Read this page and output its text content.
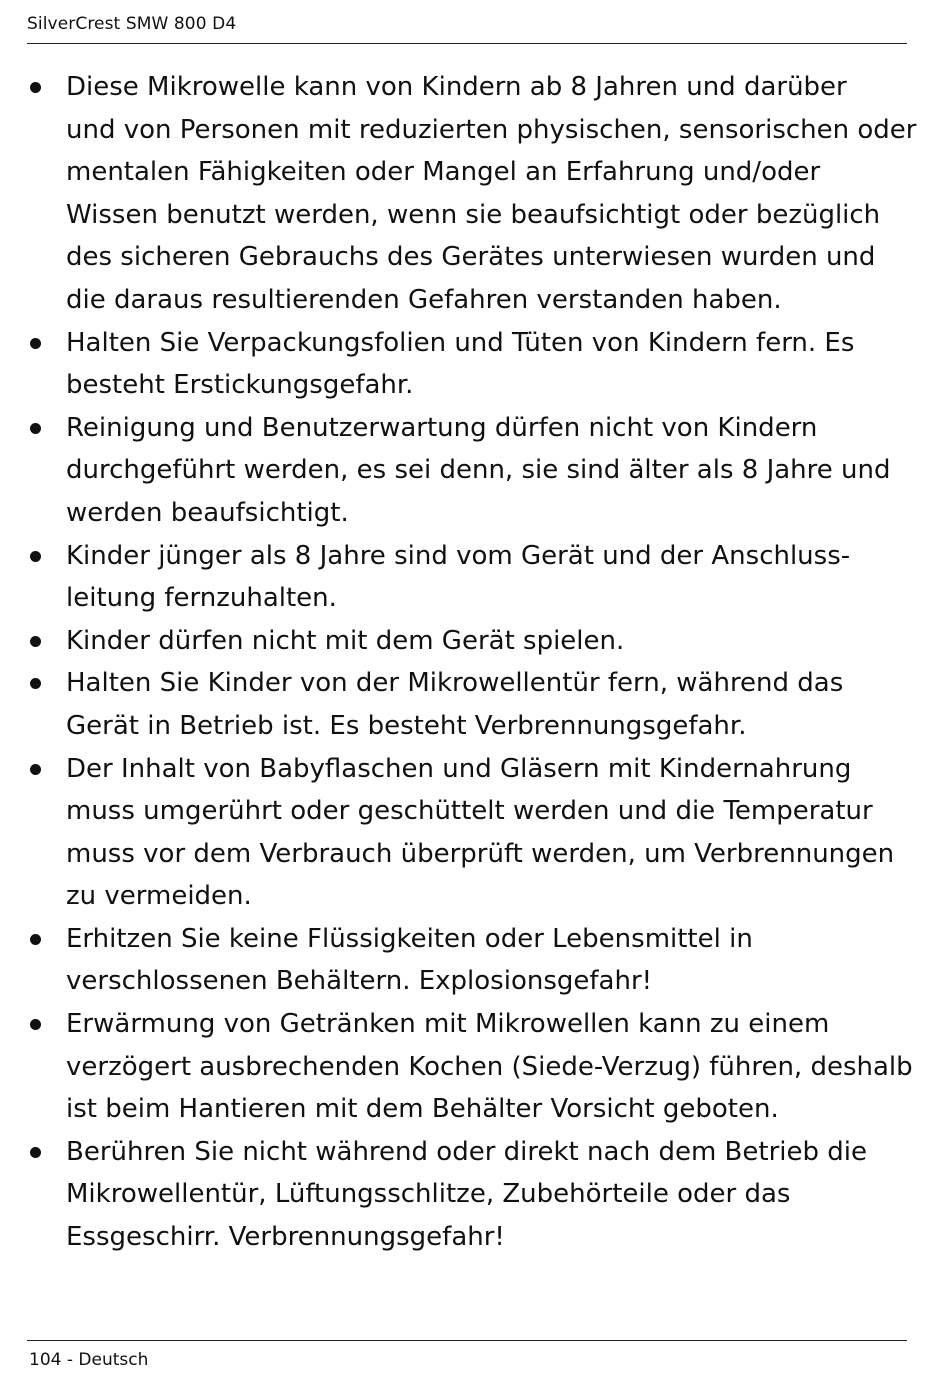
SilverCrest SMW 800 D4
Diese Mikrowelle kann von Kindern ab 8 Jahren und darüber
und von Personen mit reduzierten physischen, sensorischen oder
mentalen Fähigkeiten oder Mangel an Erfahrung und/oder
Wissen benutzt werden, wenn sie beaufsichtigt oder bezüglich
des sicheren Gebrauchs des Gerätes unterwiesen wurden und
die daraus resultierenden Gefahren verstanden haben.
Halten Sie Verpackungsfolien und Tüten von Kindern fern. Es
besteht Erstickungsgefahr.
Reinigung und Benutzerwartung dürfen nicht von Kindern
durchgeführt werden, es sei denn, sie sind älter als 8 Jahre und
werden beaufsichtigt.
Kinder jünger als 8 Jahre sind vom Gerät und der Anschluss-
leitung fernzuhalten.
Kinder dürfen nicht mit dem Gerät spielen.
Halten Sie Kinder von der Mikrowellentür fern, während das
Gerät in Betrieb ist. Es besteht Verbrennungsgefahr.
Der Inhalt von Babyflaschen und Gläsern mit Kindernahrung
muss umgerührt oder geschüttelt werden und die Temperatur
muss vor dem Verbrauch überprüft werden, um Verbrennungen
zu vermeiden.
Erhitzen Sie keine Flüssigkeiten oder Lebensmittel in
verschlossenen Behältern. Explosionsgefahr!
Erwärmung von Getränken mit Mikrowellen kann zu einem
verzögert ausbrechenden Kochen (Siede-Verzug) führen, deshalb
ist beim Hantieren mit dem Behälter Vorsicht geboten.
Berühren Sie nicht während oder direkt nach dem Betrieb die
Mikrowellentür, Lüftungsschlitze, Zubehörteile oder das
Essgeschirr. Verbrennungsgefahr!
104 - Deutsch
